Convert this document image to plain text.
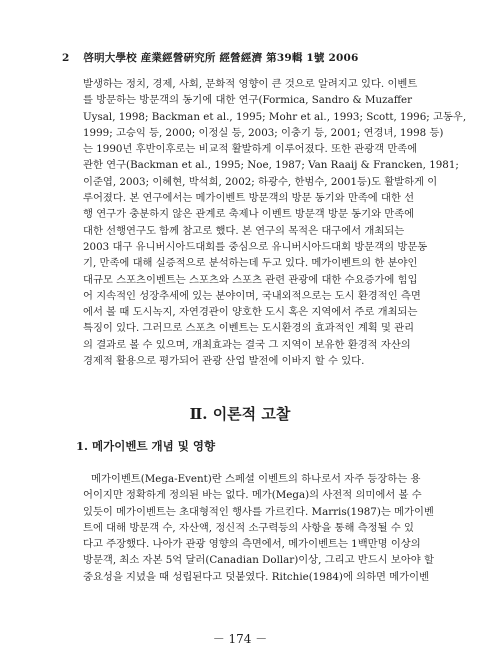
2 啓明大學校 産業經營硏究所 經營經濟 第39輯 1號 2006
발생하는 정치, 경제, 사회, 문화적 영향이 큰 것으로 알려지고 있다. 이벤트
를 방문하는 방문객의 동기에 대한 연구(Formica, Sandro & Muzaffer
Uysal, 1998; Backman et al., 1995; Mohr et al., 1993; Scott, 1996; 고동우,
1999; 고승익 등, 2000; 이정실 등, 2003; 이충기 등, 2001; 연경녀, 1998 등)
는 1990년 후반이후로는 비교적 활발하게 이루어졌다. 또한 관광객 만족에
관한 연구(Backman et al., 1995; Noe, 1987; Van Raaij & Francken, 1981;
이준엽, 2003; 이혜현, 박석희, 2002; 하광수, 한범수, 2001등)도 활발하게 이
루어졌다. 본 연구에서는 메가이벤트 방문객의 방문 동기와 만족에 대한 선
행 연구가 충분하지 않은 관계로 축제나 이벤트 방문객 방문 동기와 만족에
대한 선행연구도 함께 참고로 했다. 본 연구의 목적은 대구에서 개최되는
2003 대구 유니버시아드대회를 중심으로 유니버시아드대회 방문객의 방문동
기, 만족에 대해 실증적으로 분석하는데 두고 있다. 메가이벤트의 한 분야인
대규모 스포츠이벤트는 스포츠와 스포츠 관련 관광에 대한 수요증가에 힘입
어 지속적인 성장추세에 있는 분야이며, 국내외적으로는 도시 환경적인 측면
에서 볼 때 도시녹지, 자연경관이 양호한 도시 혹은 지역에서 주로 개최되는
특징이 있다. 그러므로 스포츠 이벤트는 도시환경의 효과적인 계획 및 관리
의 결과로 볼 수 있으며, 개최효과는 결국 그 지역이 보유한 환경적 자산의
경제적 활용으로 평가되어 관광 산업 발전에 이바지 할 수 있다.
Ⅱ. 이론적 고찰
1. 메가이벤트 개념 및 영향
메가이벤트(Mega-Event)란 스페셜 이벤트의 하나로서 자주 등장하는 용
어이지만 정확하게 정의된 바는 없다. 메가(Mega)의 사전적 의미에서 볼 수
있듯이 메가이벤트는 초대형적인 행사를 가르킨다. Marris(1987)는 메가이벤
트에 대해 방문객 수, 자산액, 정신적 소구력등의 사항을 통해 측정될 수 있
다고 주장했다. 나아가 관광 영향의 측면에서, 메가이벤트는 1백만명 이상의
방문객, 최소 자본 5억 달러(Canadian Dollar)이상, 그리고 반드시 보아야 할
중요성을 지녔을 때 성립된다고 덧붙였다. Ritchie(1984)에 의하면 메가이벤
－ 174 －
